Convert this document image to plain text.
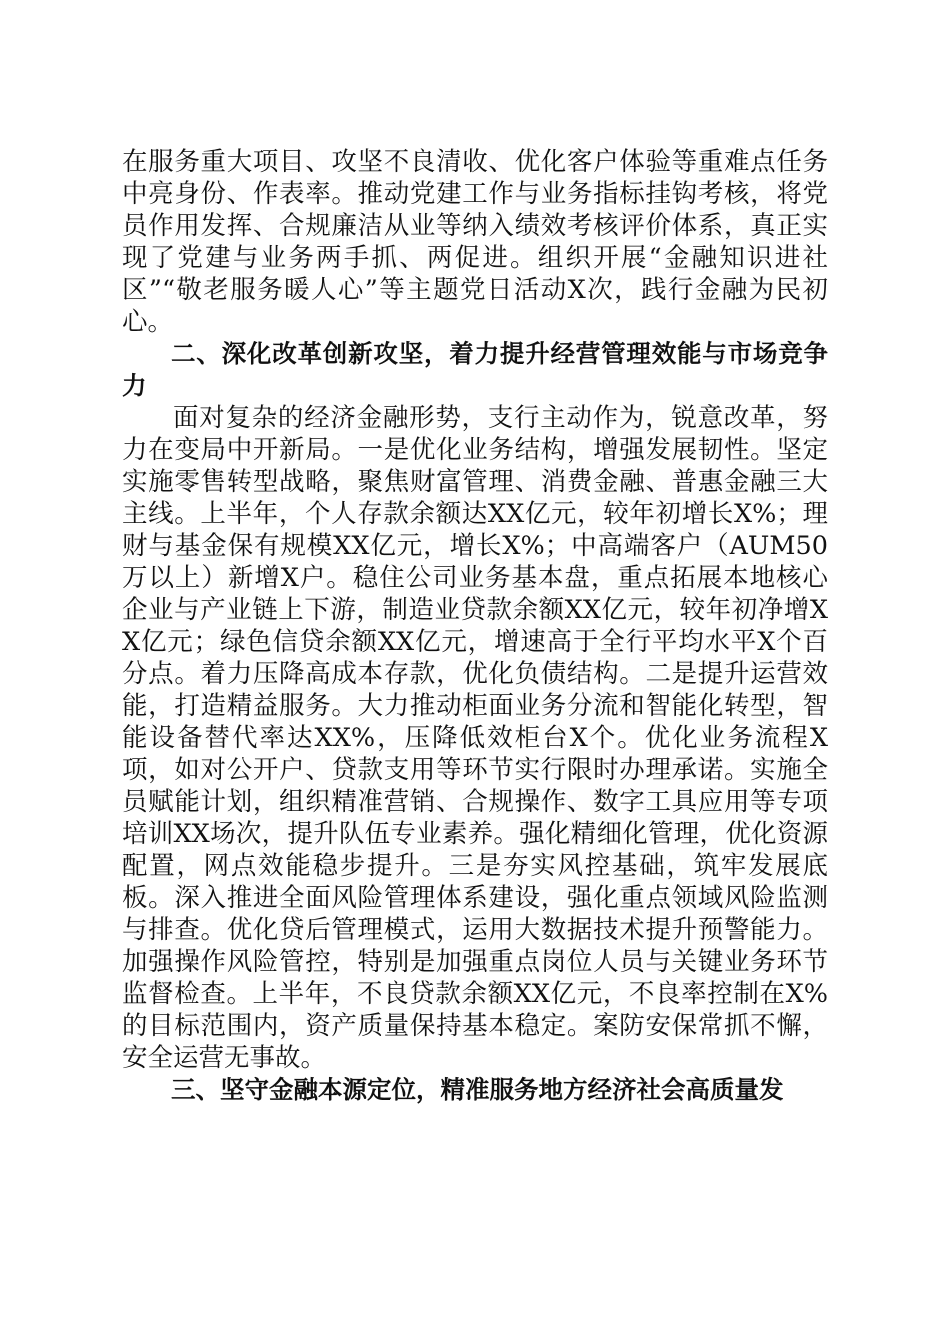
在服务重大项目、攻坚不良清收、优化客户体验等重难点任务中亮身份、作表率。推动党建工作与业务指标挂钩考核，将党员作用发挥、合规廉洁从业等纳入绩效考核评价体系，真正实现了党建与业务两手抓、两促进。组织开展“金融知识进社区”“敬老服务暖人心”等主题党日活动X次，践行金融为民初心。

二、深化改革创新攻坚，着力提升经营管理效能与市场竞争力

面对复杂的经济金融形势，支行主动作为，锐意改革，努力在变局中开新局。一是优化业务结构，增强发展韧性。坚定实施零售转型战略，聚焦财富管理、消费金融、普惠金融三大主线。上半年，个人存款余额达XX亿元，较年初增长X%；理财与基金保有规模XX亿元，增长X%；中高端客户（AUM50万以上）新增X户。稳住公司业务基本盘，重点拓展本地核心企业与产业链上下游，制造业贷款余额XX亿元，较年初净增XX亿元；绿色信贷余额XX亿元，增速高于全行平均水平X个百分点。着力压降高成本存款，优化负债结构。二是提升运营效能，打造精益服务。大力推动柜面业务分流和智能化转型，智能设备替代率达XX%，压降低效柜台X个。优化业务流程X项，如对公开户、贷款支用等环节实行限时办理承诺。实施全员赋能计划，组织精准营销、合规操作、数字工具应用等专项培训XX场次，提升队伍专业素养。强化精细化管理，优化资源配置，网点效能稳步提升。三是夯实风控基础，筑牢发展底板。深入推进全面风险管理体系建设，强化重点领域风险监测与排查。优化贷后管理模式，运用大数据技术提升预警能力。加强操作风险管控，特别是加强重点岗位人员与关键业务环节监督检查。上半年，不良贷款余额XX亿元，不良率控制在X%的目标范围内，资产质量保持基本稳定。案防安保常抓不懈，安全运营无事故。

三、坚守金融本源定位，精准服务地方经济社会高质量发
